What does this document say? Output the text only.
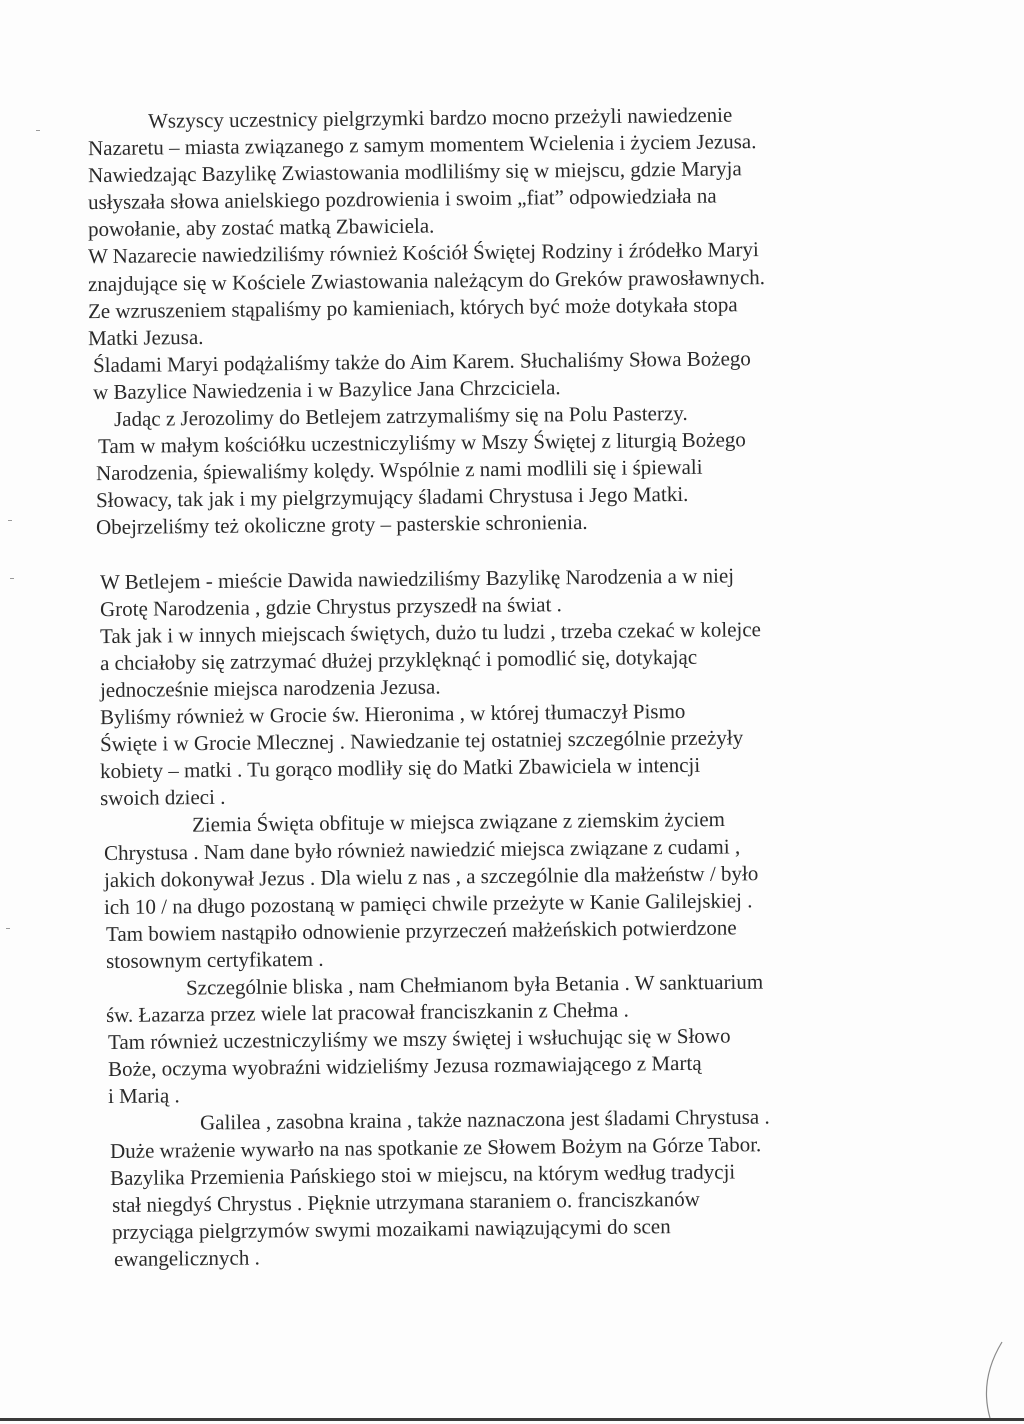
Wszyscy uczestnicy pielgrzymki bardzo mocno przeżyli nawiedzenie
Nazaretu – miasta związanego z samym momentem Wcielenia i życiem Jezusa.
Nawiedzając Bazylikę Zwiastowania modliliśmy się w miejscu, gdzie Maryja
usłyszała słowa anielskiego pozdrowienia i swoim „fiat” odpowiedziała na
powołanie, aby zostać matką Zbawiciela.
W Nazarecie nawiedziliśmy również Kościół Świętej Rodziny i źródełko Maryi
znajdujące się w Kościele Zwiastowania należącym do Greków prawosławnych.
Ze wzruszeniem stąpaliśmy po kamieniach, których być może dotykała stopa
Matki Jezusa.
Śladami Maryi podążaliśmy także do Aim Karem. Słuchaliśmy Słowa Bożego
w Bazylice Nawiedzenia i w Bazylice Jana Chrzciciela.
Jadąc z Jerozolimy do Betlejem zatrzymaliśmy się na Polu Pasterzy.
Tam w małym kościółku uczestniczyliśmy w Mszy Świętej z liturgią Bożego
Narodzenia, śpiewaliśmy kolędy. Wspólnie z nami modlili się i śpiewali
Słowacy, tak jak i my pielgrzymujący śladami Chrystusa i Jego Matki.
Obejrzeliśmy też okoliczne groty – pasterskie schronienia.
W Betlejem - mieście Dawida nawiedziliśmy Bazylikę Narodzenia a w niej
Grotę Narodzenia , gdzie Chrystus przyszedł na świat .
Tak jak i w innych miejscach świętych, dużo tu ludzi , trzeba czekać w kolejce
a chciałoby się zatrzymać dłużej przyklęknąć i pomodlić się, dotykając
jednocześnie miejsca narodzenia Jezusa.
Byliśmy również w Grocie św. Hieronima , w której tłumaczył Pismo
Święte i w Grocie Mlecznej . Nawiedzanie tej ostatniej szczególnie przeżyły
kobiety – matki . Tu gorąco modliły się do Matki Zbawiciela w intencji
swoich dzieci .
Ziemia Święta obfituje w miejsca związane z ziemskim życiem
Chrystusa . Nam dane było również nawiedzić miejsca związane z cudami ,
jakich dokonywał Jezus . Dla wielu z nas , a szczególnie dla małżeństw / było
ich 10 / na długo pozostaną w pamięci chwile przeżyte w Kanie Galilejskiej .
Tam bowiem nastąpiło odnowienie przyrzeczeń małżeńskich potwierdzone
stosownym certyfikatem .
Szczególnie bliska , nam Chełmianom była Betania . W sanktuarium
św. Łazarza przez wiele lat pracował franciszkanin z Chełma .
Tam również uczestniczyliśmy we mszy świętej i wsłuchując się w Słowo
Boże, oczyma wyobraźni widzieliśmy Jezusa rozmawiającego z Martą
i Marią .
Galilea , zasobna kraina , także naznaczona jest śladami Chrystusa .
Duże wrażenie wywarło na nas spotkanie ze Słowem Bożym na Górze Tabor.
Bazylika Przemienia Pańskiego stoi w miejscu, na którym według tradycji
stał niegdyś Chrystus . Pięknie utrzymana staraniem o. franciszkanów
przyciąga pielgrzymów swymi mozaikami nawiązującymi do scen
ewangelicznych .
